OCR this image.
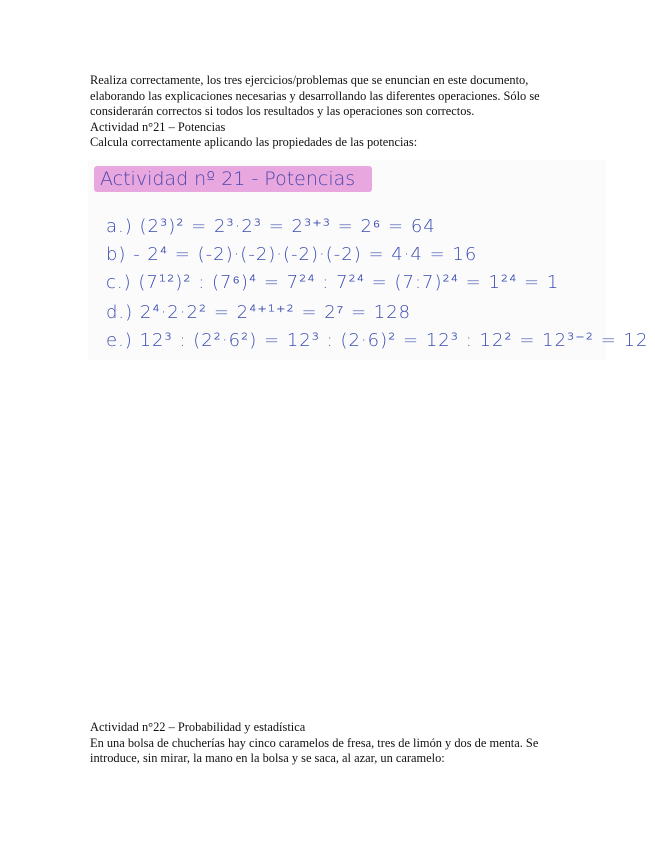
Realiza correctamente, los tres ejercicios/problemas que se enuncian en este documento,
elaborando las explicaciones necesarias y desarrollando las diferentes operaciones. Sólo se
considerarán correctos si todos los resultados y las operaciones son correctos.
Actividad n°21 – Potencias
Calcula correctamente aplicando las propiedades de las potencias:
Actividad nº 21 - Potencias
a.) (2³)² = 2³·2³ = 2³⁺³ = 2⁶ = 64
b) - 2⁴ = (-2)·(-2)·(-2)·(-2) = 4·4 = 16
c.) (7¹²)² : (7⁶)⁴ = 7²⁴ : 7²⁴ = (7:7)²⁴ = 1²⁴ = 1
d.) 2⁴·2·2² = 2⁴⁺¹⁺² = 2⁷ = 128
e.) 12³ : (2²·6²) = 12³ : (2·6)² = 12³ : 12² = 12³⁻² = 12
Actividad n°22 – Probabilidad y estadística
En una bolsa de chucherías hay cinco caramelos de fresa, tres de limón y dos de menta. Se
introduce, sin mirar, la mano en la bolsa y se saca, al azar, un caramelo:
